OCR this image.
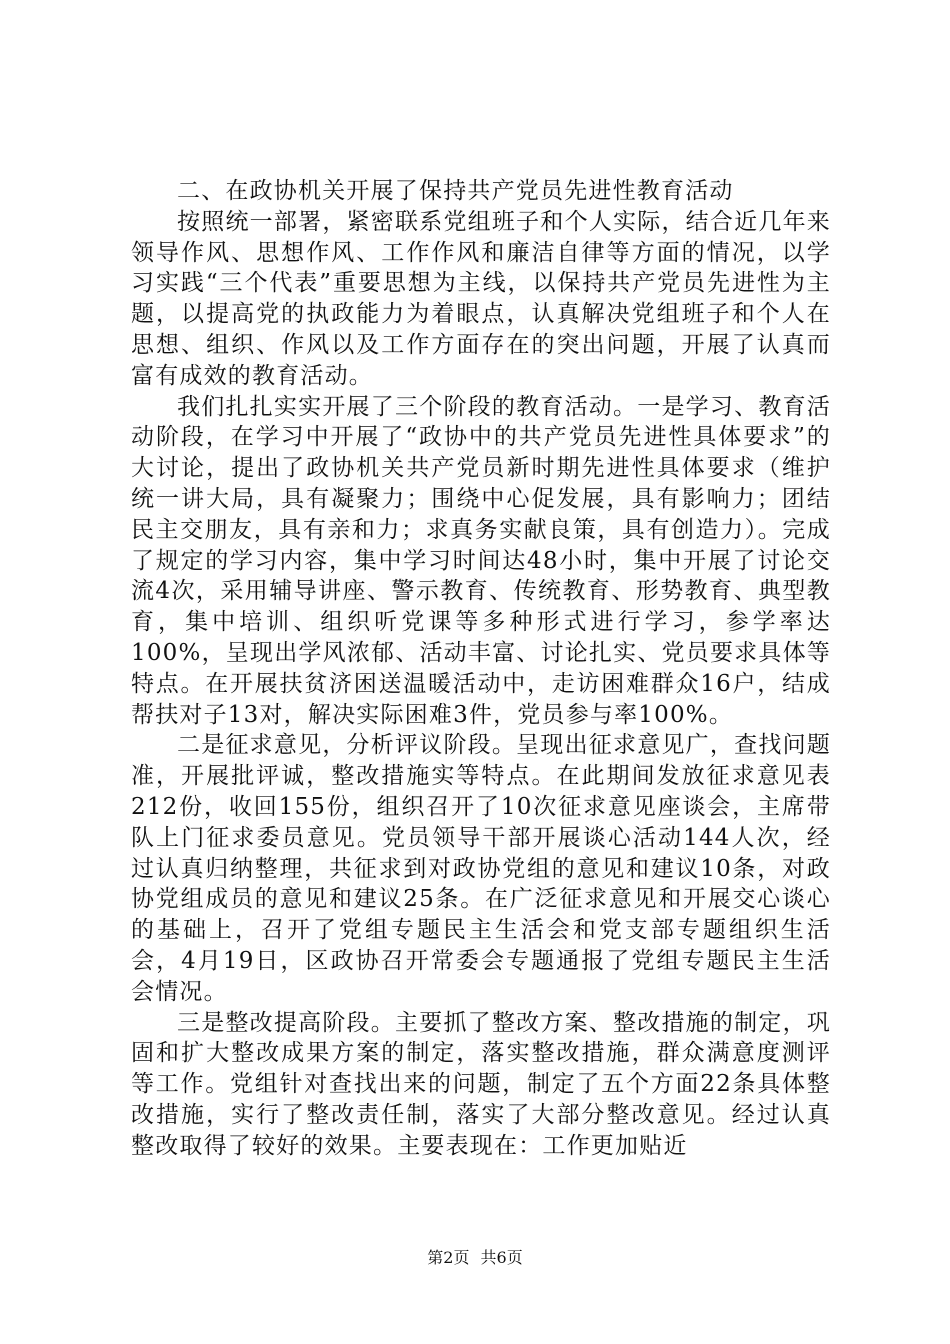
二、在政协机关开展了保持共产党员先进性教育活动

按照统一部署，紧密联系党组班子和个人实际，结合近几年来领导作风、思想作风、工作作风和廉洁自律等方面的情况，以学习实践“三个代表”重要思想为主线，以保持共产党员先进性为主题，以提高党的执政能力为着眼点，认真解决党组班子和个人在思想、组织、作风以及工作方面存在的突出问题，开展了认真而富有成效的教育活动。

我们扎扎实实开展了三个阶段的教育活动。一是学习、教育活动阶段，在学习中开展了“政协中的共产党员先进性具体要求”的大讨论，提出了政协机关共产党员新时期先进性具体要求（维护统一讲大局，具有凝聚力；围绕中心促发展，具有影响力；团结民主交朋友，具有亲和力；求真务实献良策，具有创造力）。完成了规定的学习内容，集中学习时间达48小时，集中开展了讨论交流4次，采用辅导讲座、警示教育、传统教育、形势教育、典型教育，集中培训、组织听党课等多种形式进行学习，参学率达100%，呈现出学风浓郁、活动丰富、讨论扎实、党员要求具体等特点。在开展扶贫济困送温暖活动中，走访困难群众16户，结成帮扶对子13对，解决实际困难3件，党员参与率100%。

二是征求意见，分析评议阶段。呈现出征求意见广，查找问题准，开展批评诚，整改措施实等特点。在此期间发放征求意见表212份，收回155份，组织召开了10次征求意见座谈会，主席带队上门征求委员意见。党员领导干部开展谈心活动144人次，经过认真归纳整理，共征求到对政协党组的意见和建议10条，对政协党组成员的意见和建议25条。在广泛征求意见和开展交心谈心的基础上，召开了党组专题民主生活会和党支部专题组织生活会，4月19日，区政协召开常委会专题通报了党组专题民主生活会情况。

三是整改提高阶段。主要抓了整改方案、整改措施的制定，巩固和扩大整改成果方案的制定，落实整改措施，群众满意度测评等工作。党组针对查找出来的问题，制定了五个方面22条具体整改措施，实行了整改责任制，落实了大部分整改意见。经过认真整改取得了较好的效果。主要表现在：工作更加贴近

第2页 共6页
